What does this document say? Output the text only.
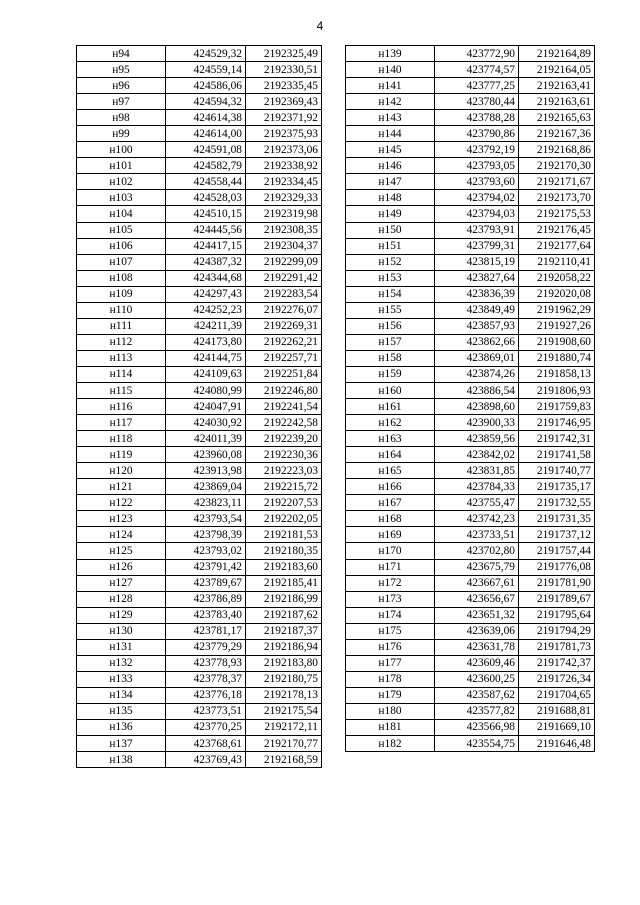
4
н94	424529,32	2192325,49
н95	424559,14	2192330,51
н96	424586,06	2192335,45
н97	424594,32	2192369,43
н98	424614,38	2192371,92
н99	424614,00	2192375,93
н100	424591,08	2192373,06
н101	424582,79	2192338,92
н102	424558,44	2192334,45
н103	424528,03	2192329,33
н104	424510,15	2192319,98
н105	424445,56	2192308,35
н106	424417,15	2192304,37
н107	424387,32	2192299,09
н108	424344,68	2192291,42
н109	424297,43	2192283,54
н110	424252,23	2192276,07
н111	424211,39	2192269,31
н112	424173,80	2192262,21
н113	424144,75	2192257,71
н114	424109,63	2192251,84
н115	424080,99	2192246,80
н116	424047,91	2192241,54
н117	424030,92	2192242,58
н118	424011,39	2192239,20
н119	423960,08	2192230,36
н120	423913,98	2192223,03
н121	423869,04	2192215,72
н122	423823,11	2192207,53
н123	423793,54	2192202,05
н124	423798,39	2192181,53
н125	423793,02	2192180,35
н126	423791,42	2192183,60
н127	423789,67	2192185,41
н128	423786,89	2192186,99
н129	423783,40	2192187,62
н130	423781,17	2192187,37
н131	423779,29	2192186,94
н132	423778,93	2192183,80
н133	423778,37	2192180,75
н134	423776,18	2192178,13
н135	423773,51	2192175,54
н136	423770,25	2192172,11
н137	423768,61	2192170,77
н138	423769,43	2192168,59
н139	423772,90	2192164,89
н140	423774,57	2192164,05
н141	423777,25	2192163,41
н142	423780,44	2192163,61
н143	423788,28	2192165,63
н144	423790,86	2192167,36
н145	423792,19	2192168,86
н146	423793,05	2192170,30
н147	423793,60	2192171,67
н148	423794,02	2192173,70
н149	423794,03	2192175,53
н150	423793,91	2192176,45
н151	423799,31	2192177,64
н152	423815,19	2192110,41
н153	423827,64	2192058,22
н154	423836,39	2192020,08
н155	423849,49	2191962,29
н156	423857,93	2191927,26
н157	423862,66	2191908,60
н158	423869,01	2191880,74
н159	423874,26	2191858,13
н160	423886,54	2191806,93
н161	423898,60	2191759,83
н162	423900,33	2191746,95
н163	423859,56	2191742,31
н164	423842,02	2191741,58
н165	423831,85	2191740,77
н166	423784,33	2191735,17
н167	423755,47	2191732,55
н168	423742,23	2191731,35
н169	423733,51	2191737,12
н170	423702,80	2191757,44
н171	423675,79	2191776,08
н172	423667,61	2191781,90
н173	423656,67	2191789,67
н174	423651,32	2191795,64
н175	423639,06	2191794,29
н176	423631,78	2191781,73
н177	423609,46	2191742,37
н178	423600,25	2191726,34
н179	423587,62	2191704,65
н180	423577,82	2191688,81
н181	423566,98	2191669,10
н182	423554,75	2191646,48
